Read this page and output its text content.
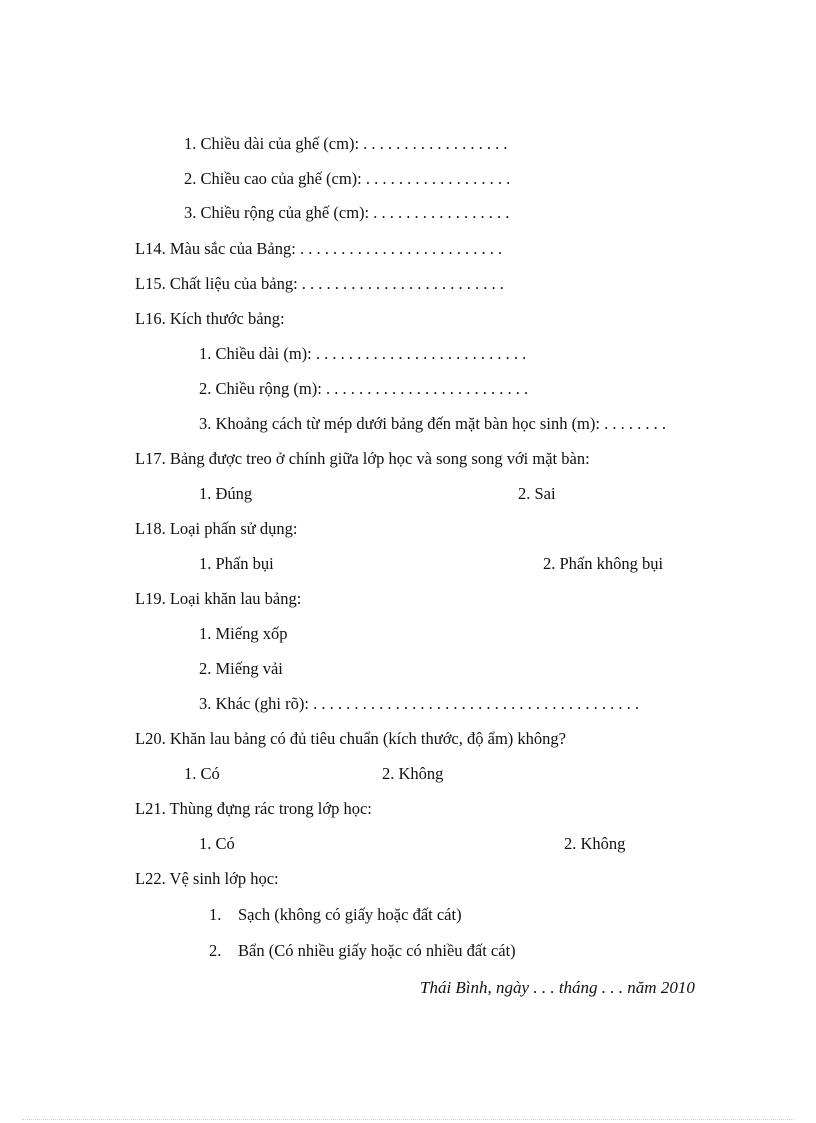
1. Chiều dài của ghế (cm): . . . . . . . . . . . . . . . . . .
2. Chiều cao của ghế (cm): . . . . . . . . . . . . . . . . . .
3. Chiều rộng của ghế (cm): . . . . . . . . . . . . . . . . .
L14. Màu sắc của Bảng: . . . . . . . . . . . . . . . . . . . . . . . . .
L15. Chất liệu của bảng: . . . . . . . . . . . . . . . . . . . . . . . . .
L16. Kích thước bảng:
1. Chiều dài (m): . . . . . . . . . . . . . . . . . . . . . . . . . .
2. Chiều rộng (m): . . . . . . . . . . . . . . . . . . . . . . . . .
3. Khoảng cách từ mép dưới bảng đến mặt bàn học sinh (m): . . . . . . . .
L17. Bảng được treo ở chính giữa lớp học và song song với mặt bàn:
1. Đúng	2. Sai
L18. Loại phấn sử dụng:
1. Phấn bụi	2. Phấn không bụi
L19. Loại khăn lau bảng:
1. Miếng xốp
2. Miếng vải
3. Khác (ghi rõ): . . . . . . . . . . . . . . . . . . . . . . . . . . . . . . . . . . . . . . . .
L20. Khăn lau bảng có đủ tiêu chuẩn (kích thước, độ ẩm) không?
1. Có	2. Không
L21. Thùng đựng rác trong lớp học:
1. Có	2. Không
L22. Vệ sinh lớp học:
1. Sạch (không có giấy hoặc đất cát)
2. Bẩn (Có nhiều giấy hoặc có nhiều đất cát)
Thái Bình, ngày . . . tháng . . . năm 2010
